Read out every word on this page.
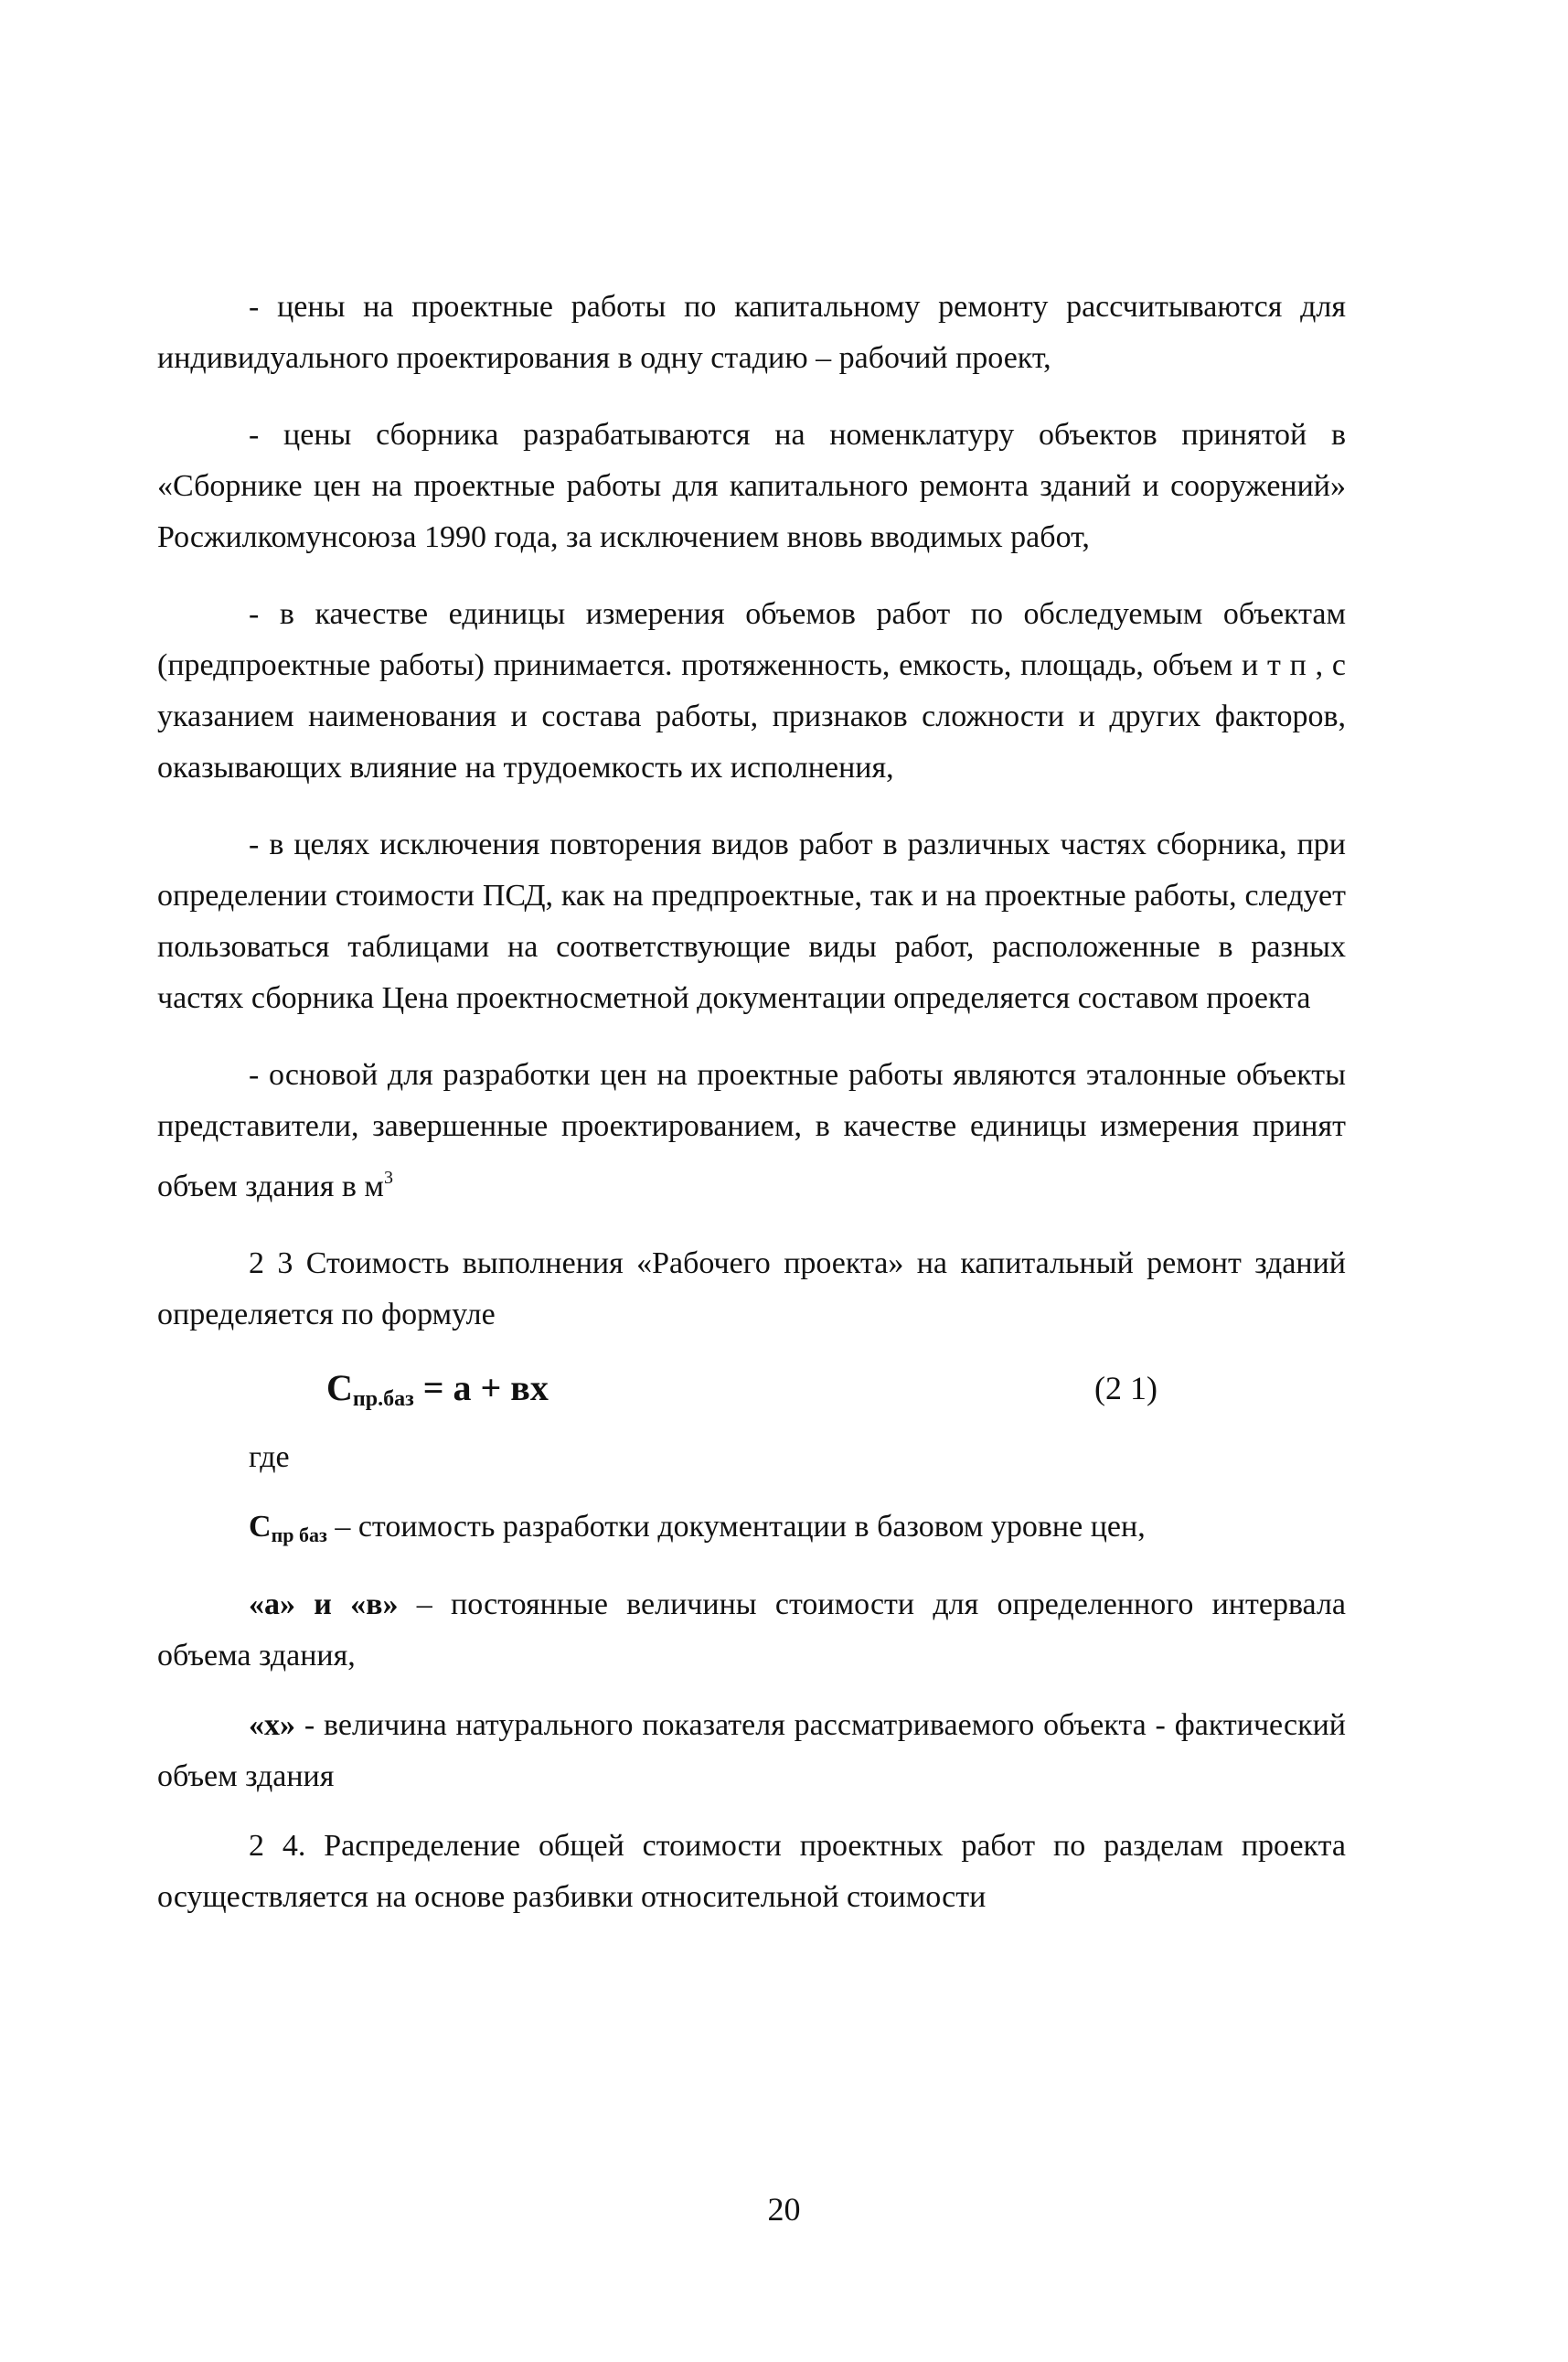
- цены на проектные работы по капитальному ремонту рассчитываются для индивидуального проектирования в одну стадию – рабочий проект,

- цены сборника разрабатываются на номенклатуру объектов принятой в «Сборнике цен на проектные работы для капитального ремонта зданий и сооружений» Росжилкомунсоюза 1990 года, за исключением вновь вводимых работ,

- в качестве единицы измерения объемов работ по обследуемым объектам (предпроектные работы) принимается. протяженность, емкость, площадь, объем и т п , с указанием наименования и состава работы, признаков сложности и других факторов, оказывающих влияние на трудоемкость их исполнения,

- в целях исключения повторения видов работ в различных частях сборника, при определении стоимости ПСД, как на предпроектные, так и на проектные работы, следует пользоваться таблицами на соответствующие виды работ, расположенные в разных частях сборника Цена проектносметной документации определяется составом проекта

- основой для разработки цен на проектные работы являются эталонные объекты представители, завершенные проектированием, в качестве единицы измерения принят объем здания в $м^3$

2 3 Стоимость выполнения «Рабочего проекта» на капитальный ремонт зданий определяется по формуле

$С_{пр.баз} = а$ + вх	(2 1)

где

$С_{пр баз}$ – стоимость разработки документации в базовом уровне цен,

«а» и «в» – постоянные величины стоимости для определенного интервала объема здания,

«х» - величина натурального показателя рассматриваемого объекта - фактический объем здания

2 4. Распределение общей стоимости проектных работ по разделам проекта осуществляется на основе разбивки относительной стоимости

20
